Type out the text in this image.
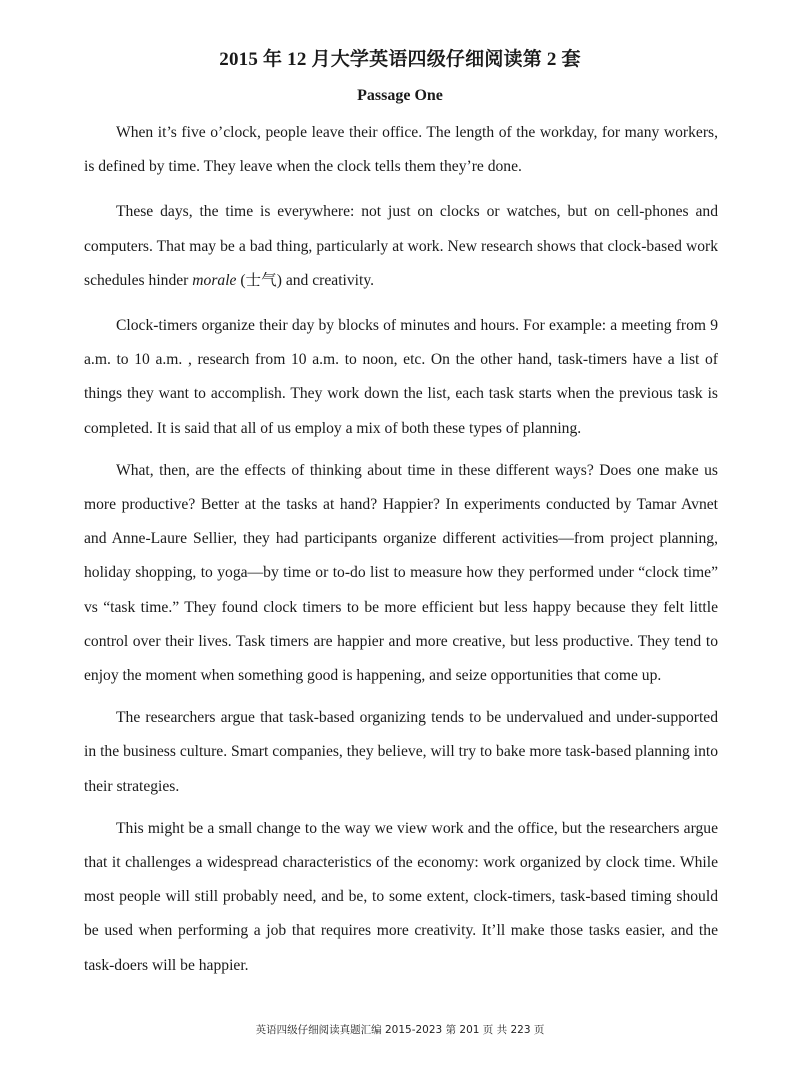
2015 年 12 月大学英语四级仔细阅读第 2 套
Passage One

When it’s five o’clock, people leave their office. The length of the workday, for many workers, is defined by time. They leave when the clock tells them they’re done.

These days, the time is everywhere: not just on clocks or watches, but on cell-phones and computers. That may be a bad thing, particularly at work. New research shows that clock-based work schedules hinder morale (士气) and creativity.

Clock-timers organize their day by blocks of minutes and hours. For example: a meeting from 9 a.m. to 10 a.m. , research from 10 a.m. to noon, etc. On the other hand, task-timers have a list of things they want to accomplish. They work down the list, each task starts when the previous task is completed. It is said that all of us employ a mix of both these types of planning.

What, then, are the effects of thinking about time in these different ways? Does one make us more productive? Better at the tasks at hand? Happier? In experiments conducted by Tamar Avnet and Anne-Laure Sellier, they had participants organize different activities—from project planning, holiday shopping, to yoga—by time or to-do list to measure how they performed under “clock time” vs “task time.” They found clock timers to be more efficient but less happy because they felt little control over their lives. Task timers are happier and more creative, but less productive. They tend to enjoy the moment when something good is happening, and seize opportunities that come up.

The researchers argue that task-based organizing tends to be undervalued and under-supported in the business culture. Smart companies, they believe, will try to bake more task-based planning into their strategies.

This might be a small change to the way we view work and the office, but the researchers argue that it challenges a widespread characteristics of the economy: work organized by clock time. While most people will still probably need, and be, to some extent, clock-timers, task-based timing should be used when performing a job that requires more creativity. It’ll make those tasks easier, and the task-doers will be happier.

英语四级仔细阅读真题汇编 2015-2023 第 201 页 共 223 页
